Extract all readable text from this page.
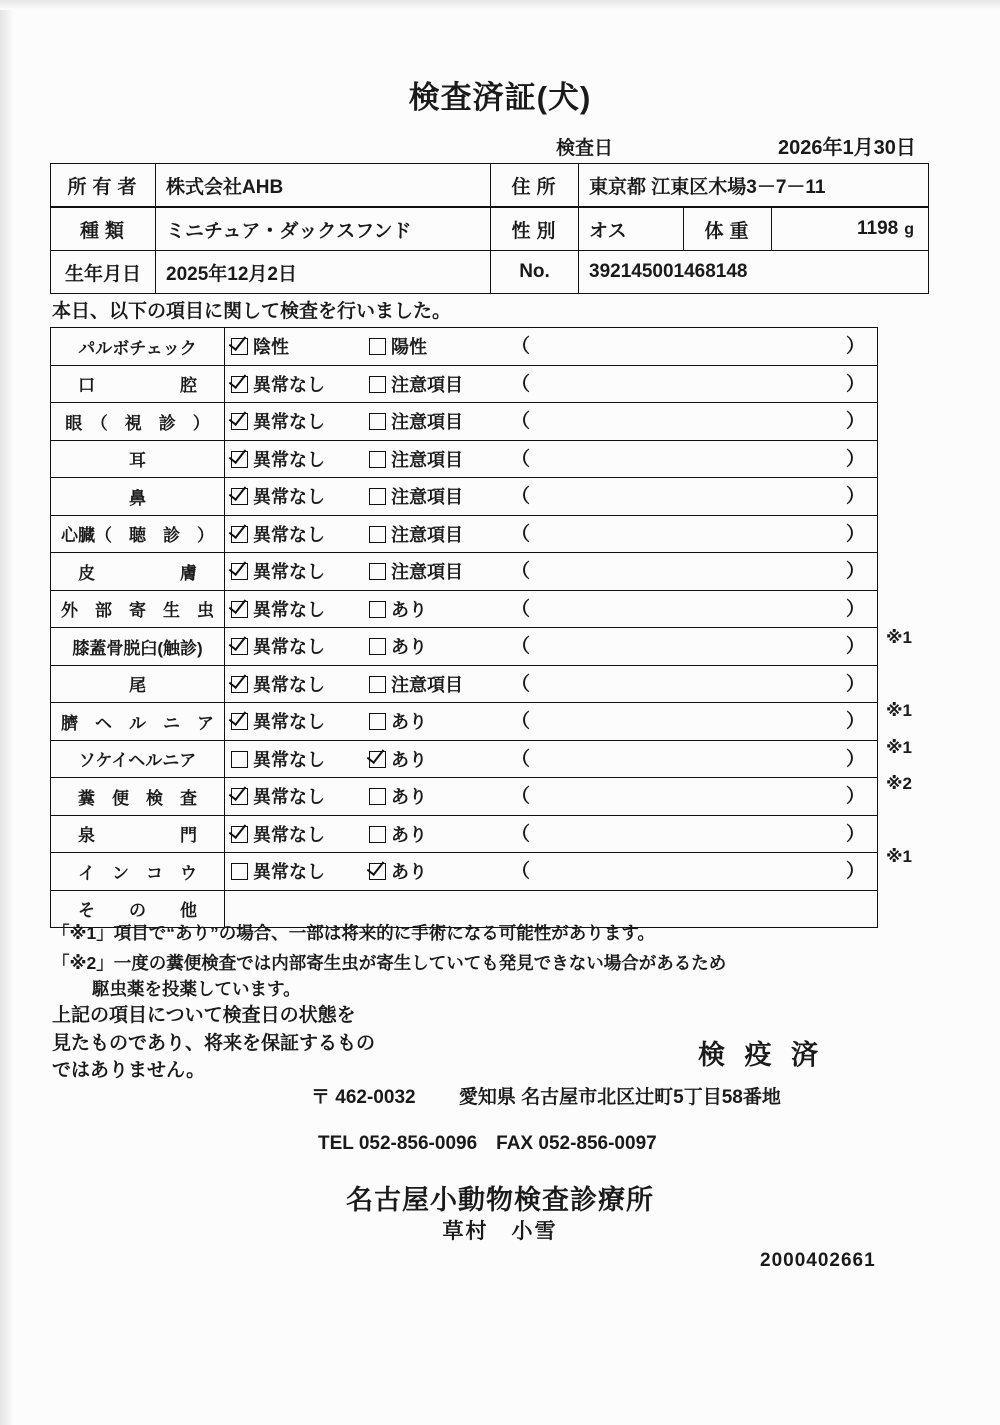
検査済証(犬)
検査日	2026年1月30日
所有者	株式会社AHB	住所	東京都 江東区木場3－7－11
種類	ミニチュア・ダックスフンド	性別	オス	体重	1198 g
生年月日	2025年12月2日	No.	392145001468148
本日、以下の項目に関して検査を行いました。
パルボチェック	陰性	陽性	（ ）

口　　　　　腔	異常なし	注意項目	（ ）

眼　（　視　診　）	異常なし	注意項目	（ ）

耳	異常なし	注意項目	（ ）

鼻	異常なし	注意項目	（ ）

心臓（　聴　診　）	異常なし	注意項目	（ ）

皮　　　　　膚	異常なし	注意項目	（ ）

外　部　寄　生　虫	異常なし	あり	（ ）

膝蓋骨脱臼(触診)	異常なし	あり	（ ）

尾	異常なし	注意項目	（ ）

臍　ヘ　ル　ニ　ア	異常なし	あり	（ ）

ソケイヘルニア	異常なし	あり	（ ）

糞　便　検　査	異常なし	あり	（ ）

泉　　　　　門	異常なし	あり	（ ）

イ　ン　コ　ウ	異常なし	あり	（ ）

そ　　の　　他			
※1
※1
※1
※2
※1
「※1」項目で“あり”の場合、一部は将来的に手術になる可能性があります。
「※2」一度の糞便検査では内部寄生虫が寄生していても発見できない場合があるため
駆虫薬を投薬しています。
上記の項目について検査日の状態を
見たものであり、将来を保証するもの
ではありません。
検 疫 済
〒 462-0032 　　愛知県 名古屋市北区辻町5丁目58番地
TEL 052-856-0096　FAX 052-856-0097
名古屋小動物検査診療所
草村　小雪
2000402661
